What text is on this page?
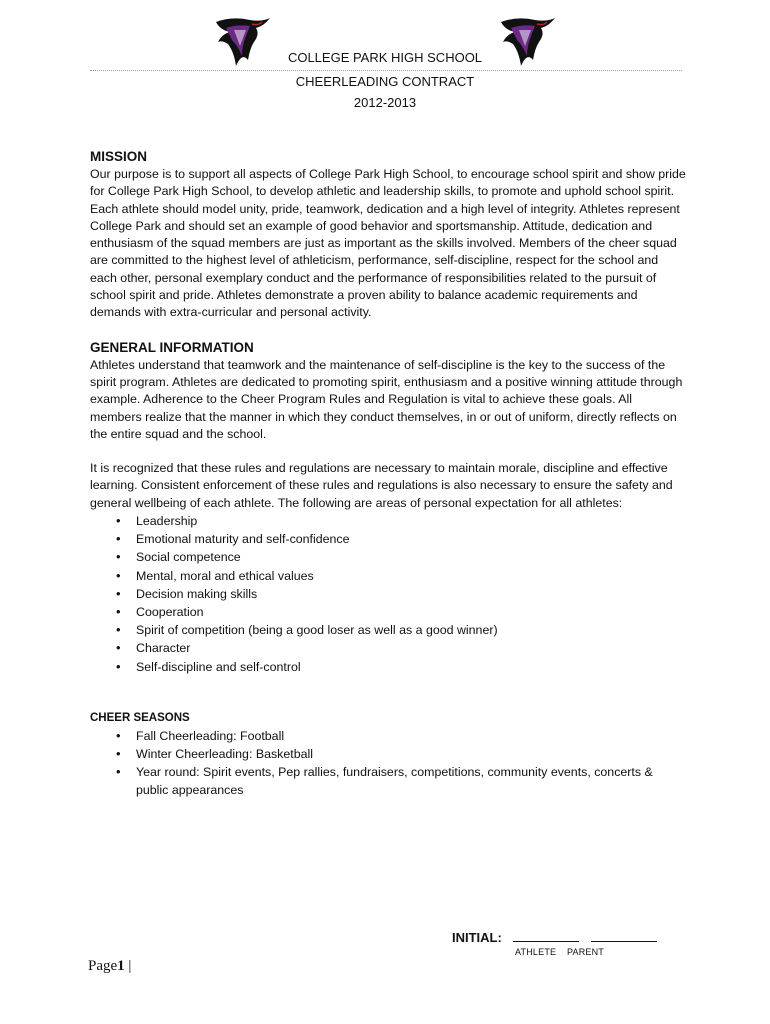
COLLEGE PARK HIGH SCHOOL
CHEERLEADING CONTRACT
2012-2013
MISSION

Our purpose is to support all aspects of College Park High School, to encourage school spirit and show pride for College Park High School, to develop athletic and leadership skills, to promote and uphold school spirit. Each athlete should model unity, pride, teamwork, dedication and a high level of integrity. Athletes represent College Park and should set an example of good behavior and sportsmanship. Attitude, dedication and enthusiasm of the squad members are just as important as the skills involved. Members of the cheer squad are committed to the highest level of athleticism, performance, self-discipline, respect for the school and each other, personal exemplary conduct and the performance of responsibilities related to the pursuit of school spirit and pride. Athletes demonstrate a proven ability to balance academic requirements and demands with extra-curricular and personal activity.

GENERAL INFORMATION

Athletes understand that teamwork and the maintenance of self-discipline is the key to the success of the spirit program. Athletes are dedicated to promoting spirit, enthusiasm and a positive winning attitude through example. Adherence to the Cheer Program Rules and Regulation is vital to achieve these goals. All members realize that the manner in which they conduct themselves, in or out of uniform, directly reflects on the entire squad and the school.

It is recognized that these rules and regulations are necessary to maintain morale, discipline and effective learning. Consistent enforcement of these rules and regulations is also necessary to ensure the safety and general wellbeing of each athlete. The following are areas of personal expectation for all athletes:

• Leadership
• Emotional maturity and self-confidence
• Social competence
• Mental, moral and ethical values
• Decision making skills
• Cooperation
• Spirit of competition (being a good loser as well as a good winner)
• Character
• Self-discipline and self-control
CHEER SEASONS
• Fall Cheerleading: Football
• Winter Cheerleading: Basketball
• Year round: Spirit events, Pep rallies, fundraisers, competitions, community events, concerts & public appearances
INITIAL:
ATHLETE PARENT
Page1 |
